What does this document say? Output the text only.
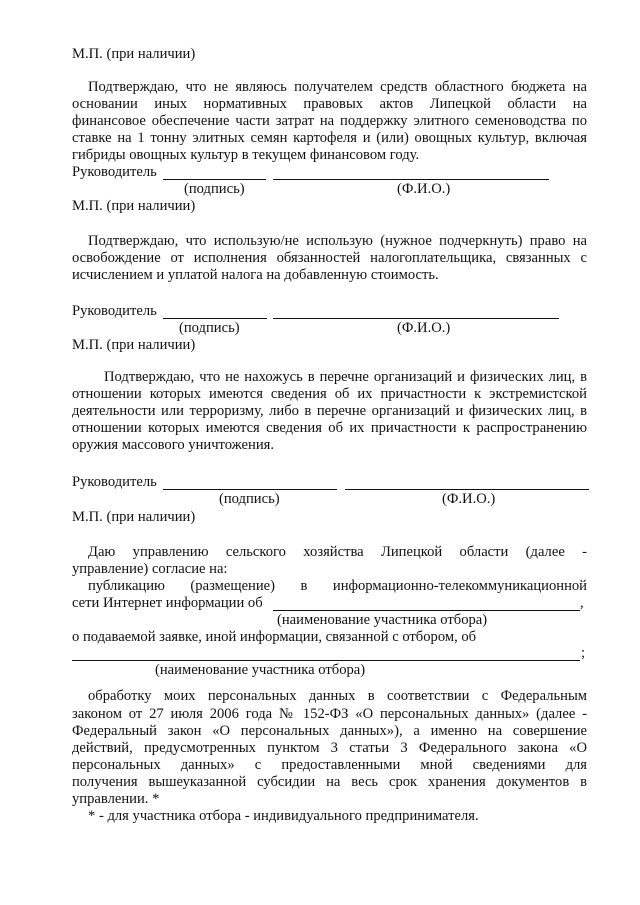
М.П. (при наличии)
Подтверждаю, что не являюсь получателем средств областного бюджета на
основании иных нормативных правовых актов Липецкой области на
финансовое обеспечение части затрат на поддержку элитного семеноводства по
ставке на 1 тонну элитных семян картофеля и (или) овощных культур, включая
гибриды овощных культур в текущем финансовом году.
Руководитель
(подпись)	(Ф.И.О.)
М.П. (при наличии)
Подтверждаю, что использую/не использую (нужное подчеркнуть) право на
освобождение от исполнения обязанностей налогоплательщика, связанных с
исчислением и уплатой налога на добавленную стоимость.
Руководитель
(подпись)	(Ф.И.О.)
М.П. (при наличии)
Подтверждаю, что не нахожусь в перечне организаций и физических лиц, в
отношении которых имеются сведения об их причастности к экстремистской
деятельности или терроризму, либо в перечне организаций и физических лиц, в
отношении которых имеются сведения об их причастности к распространению
оружия массового уничтожения.
Руководитель
(подпись)	(Ф.И.О.)
М.П. (при наличии)
Даю управлению сельского хозяйства Липецкой области (далее -
управление) согласие на:
публикацию (размещение) в информационно-телекоммуникационной
сети Интернет информации об	,
(наименование участника отбора)
о подаваемой заявке, иной информации, связанной с отбором, об
;
(наименование участника отбора)
обработку моих персональных данных в соответствии с Федеральным
законом от 27 июля 2006 года № 152-ФЗ «О персональных данных» (далее -
Федеральный закон «О персональных данных»), а именно на совершение
действий, предусмотренных пунктом 3 статьи 3 Федерального закона «О
персональных данных» с предоставленными мной сведениями для
получения вышеуказанной субсидии на весь срок хранения документов в
управлении. *
* - для участника отбора - индивидуального предпринимателя.
